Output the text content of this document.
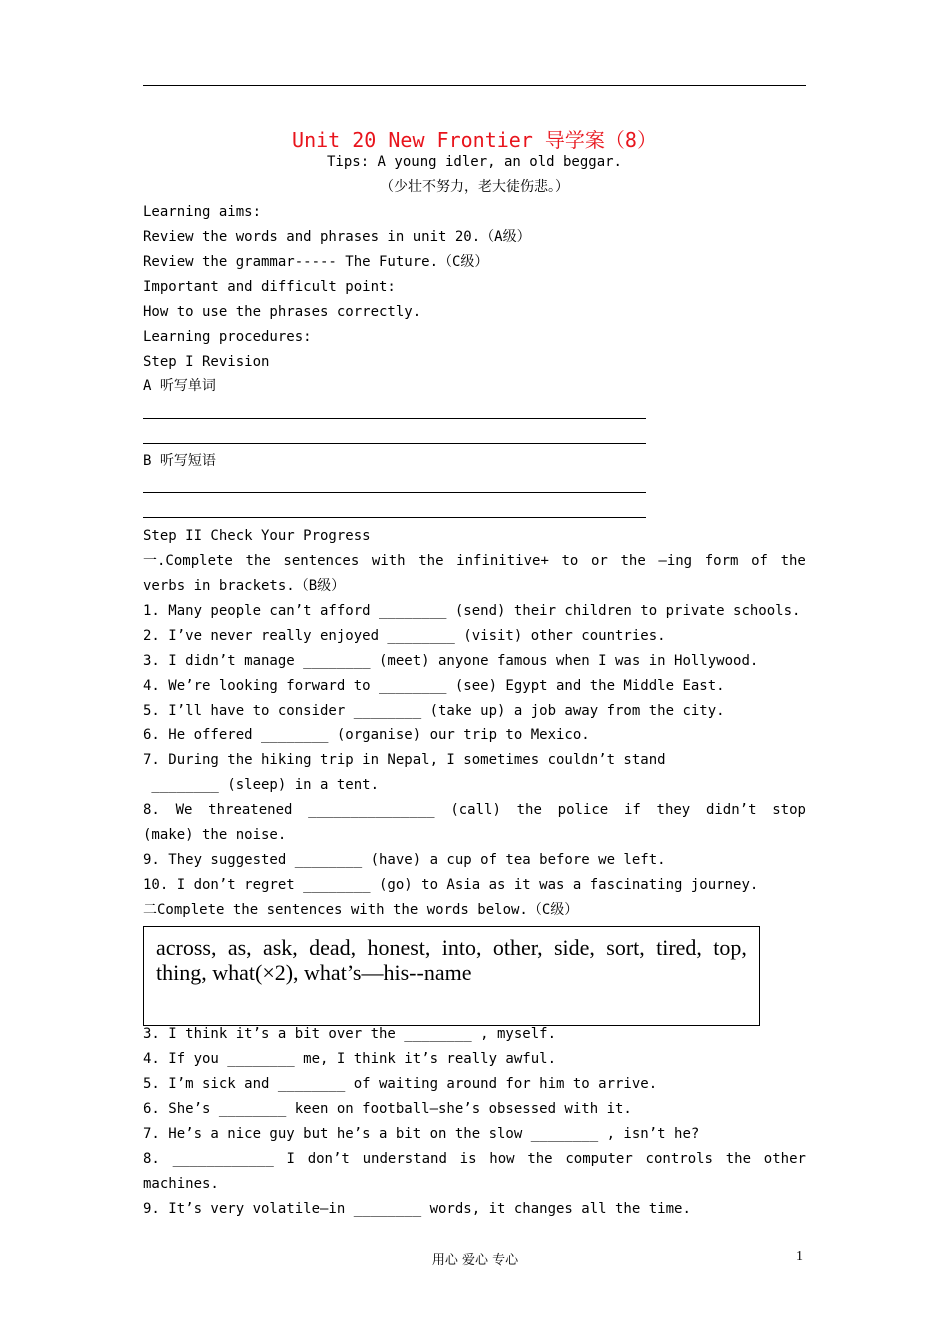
Unit 20 New Frontier 导学案（8）
Tips: A young idler, an old beggar.
（少壮不努力，老大徒伤悲。）
Learning aims:
Review the words and phrases in unit 20.（A级）
Review the grammar----- The Future.（C级）
Important and difficult point:
How to use the phrases correctly.
Learning procedures:
Step I Revision
A 听写单词
B 听写短语
Step II Check Your Progress
一.Complete the sentences with the infinitive+ to or the –ing form of the
verbs in brackets.（B级）
1. Many people can’t afford ________ (send) their children to private schools.
2. I’ve never really enjoyed ________ (visit) other countries.
3. I didn’t manage ________ (meet) anyone famous when I was in Hollywood.
4. We’re looking forward to ________ (see) Egypt and the Middle East.
5. I’ll have to consider ________ (take up) a job away from the city.
6. He offered ________ (organise) our trip to Mexico.
7. During the hiking trip in Nepal, I sometimes couldn’t stand
________ (sleep) in a tent.
8. We threatened _______________ (call) the police if they didn’t stop
(make) the noise.
9. They suggested ________ (have) a cup of tea before we left.
10. I don’t regret ________ (go) to Asia as it was a fascinating journey.
二Complete the sentences with the words below.（C级）
3. I think it’s a bit over the ________ , myself.
4. If you ________ me, I think it’s really awful.
5. I’m sick and ________ of waiting around for him to arrive.
6. She’s ________ keen on football—she’s obsessed with it.
7. He’s a nice guy but he’s a bit on the slow ________ , isn’t he?
8. ____________ I don’t understand is how the computer controls the other
machines.
9. It’s very volatile—in ________ words, it changes all the time.
across, as, ask, dead, honest, into, other, side, sort, tired, top,
thing, what(×2), what’s—his--name
用心 爱心 专心	1
